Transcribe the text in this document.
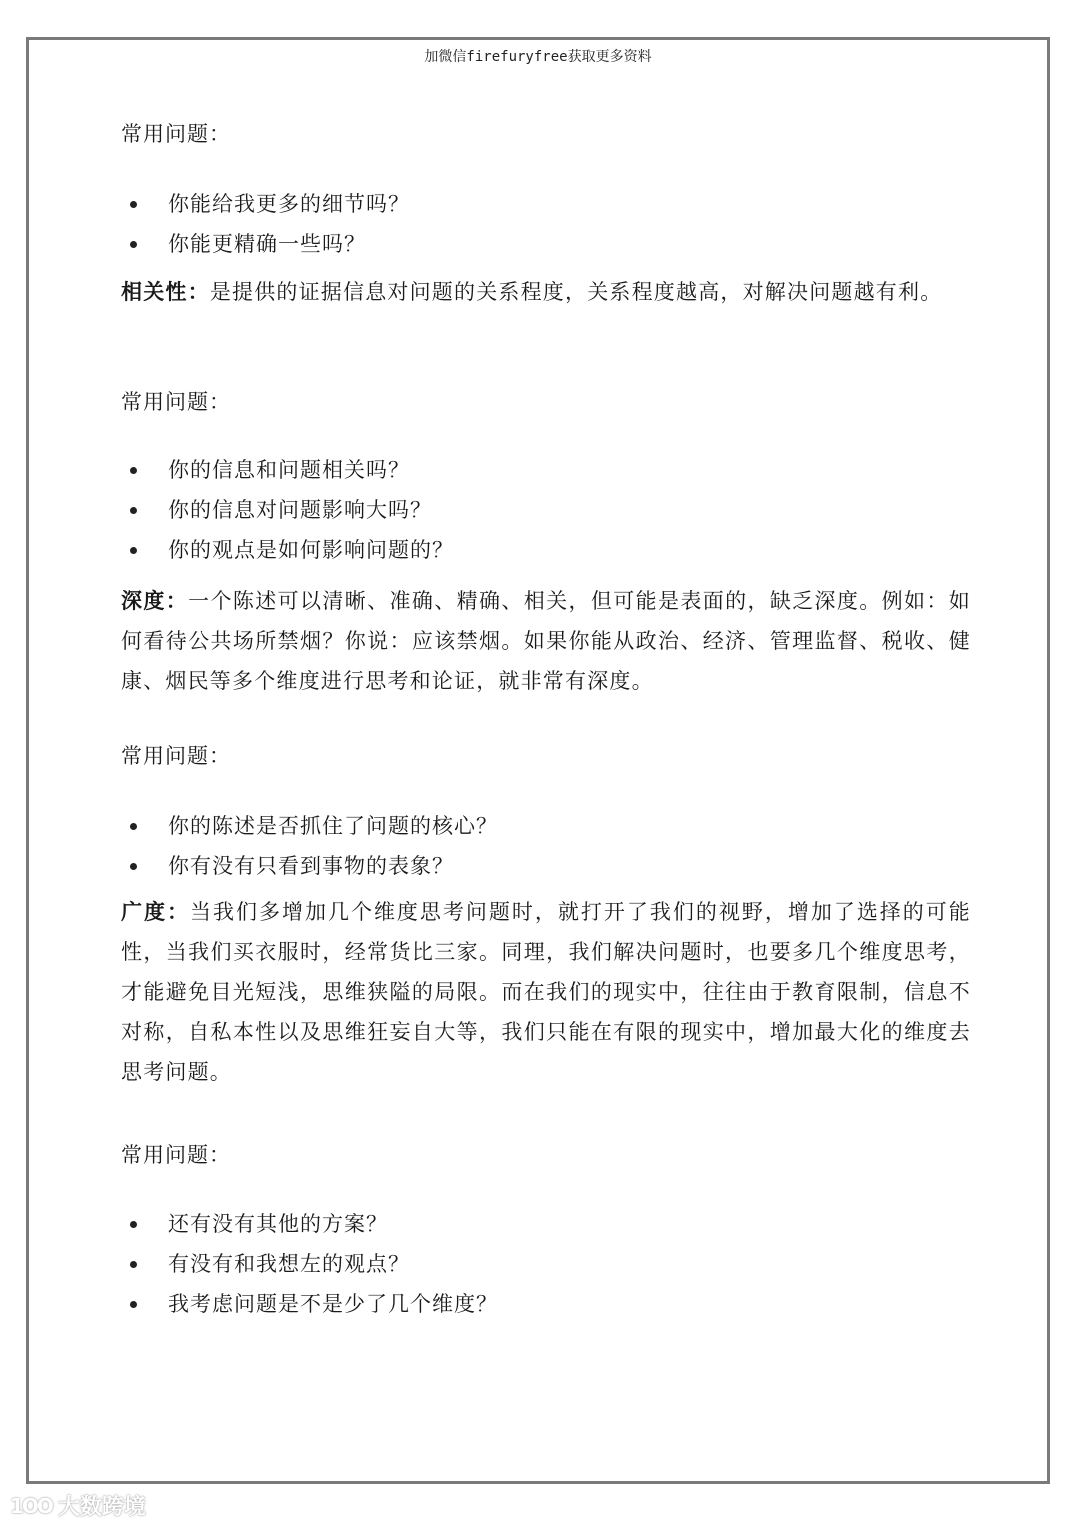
加微信firefuryfree获取更多资料
常用问题：
你能给我更多的细节吗？
你能更精确一些吗？

相关性：是提供的证据信息对问题的关系程度，关系程度越高，对解决问题越有利。

常用问题：
你的信息和问题相关吗？
你的信息对问题影响大吗？
你的观点是如何影响问题的？

深度：一个陈述可以清晰、准确、精确、相关，但可能是表面的，缺乏深度。例如：如何看待公共场所禁烟？你说：应该禁烟。如果你能从政治、经济、管理监督、税收、健康、烟民等多个维度进行思考和论证，就非常有深度。

常用问题：
你的陈述是否抓住了问题的核心？
你有没有只看到事物的表象？

广度：当我们多增加几个维度思考问题时，就打开了我们的视野，增加了选择的可能性，当我们买衣服时，经常货比三家。同理，我们解决问题时，也要多几个维度思考，才能避免目光短浅，思维狭隘的局限。而在我们的现实中，往往由于教育限制，信息不对称，自私本性以及思维狂妄自大等，我们只能在有限的现实中，增加最大化的维度去思考问题。

常用问题：
还有没有其他的方案？
有没有和我想左的观点？
我考虑问题是不是少了几个维度？
1OO 大数跨境
